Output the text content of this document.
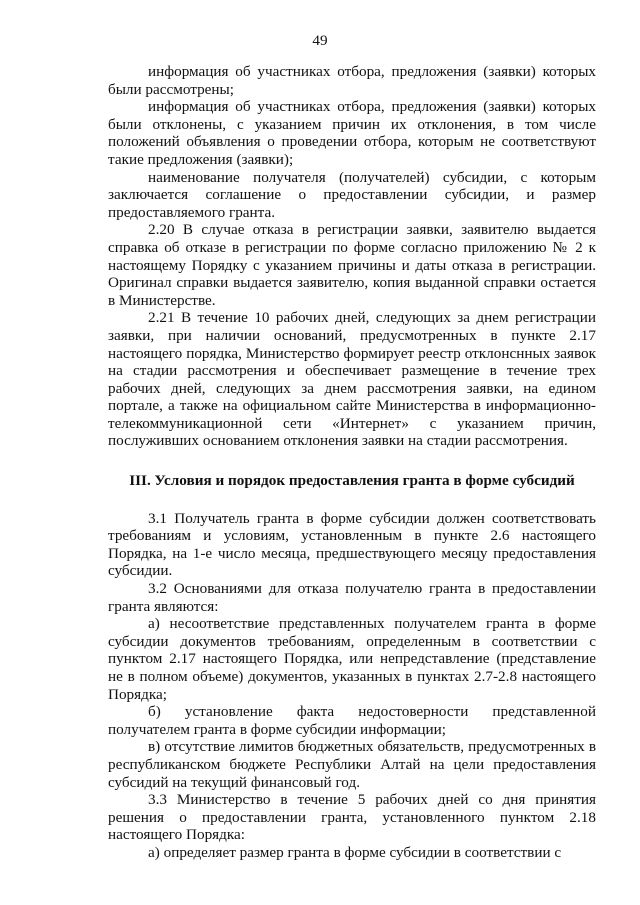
49

информация об участниках отбора, предложения (заявки) которых были рассмотрены;

информация об участниках отбора, предложения (заявки) которых были отклонены, с указанием причин их отклонения, в том числе положений объявления о проведении отбора, которым не соответствуют такие предложения (заявки);

наименование получателя (получателей) субсидии, с которым заключается соглашение о предоставлении субсидии, и размер предоставляемого гранта.

2.20 В случае отказа в регистрации заявки, заявителю выдается справка об отказе в регистрации по форме согласно приложению № 2 к настоящему Порядку с указанием причины и даты отказа в регистрации. Оригинал справки выдается заявителю, копия выданной справки остается в Министерстве.

2.21 В течение 10 рабочих дней, следующих за днем регистрации заявки, при наличии оснований, предусмотренных в пункте 2.17 настоящего порядка, Министерство формирует реестр отклонснных заявок на стадии рассмотрения и обеспечивает размещение в течение трех рабочих дней, следующих за днем рассмотрения заявки, на едином портале, а также на официальном сайте Министерства в информационно-телекоммуникационной сети «Интернет» с указанием причин, послуживших основанием отклонения заявки на стадии рассмотрения.

III. Условия и порядок предоставления гранта в форме субсидий

3.1 Получатель гранта в форме субсидии должен соответствовать требованиям и условиям, установленным в пункте 2.6 настоящего Порядка, на 1-е число месяца, предшествующего месяцу предоставления субсидии.

3.2 Основаниями для отказа получателю гранта в предоставлении гранта являются:

а) несоответствие представленных получателем гранта в форме субсидии документов требованиям, определенным в соответствии с пунктом 2.17 настоящего Порядка, или непредставление (представление не в полном объеме) документов, указанных в пунктах 2.7-2.8 настоящего Порядка;

б) установление факта недостоверности представленной получателем гранта в форме субсидии информации;

в) отсутствие лимитов бюджетных обязательств, предусмотренных в республиканском бюджете Республики Алтай на цели предоставления субсидий на текущий финансовый год.

3.3 Министерство в течение 5 рабочих дней со дня принятия решения о предоставлении гранта, установленного пунктом 2.18 настоящего Порядка:

а) определяет размер гранта в форме субсидии в соответствии с
